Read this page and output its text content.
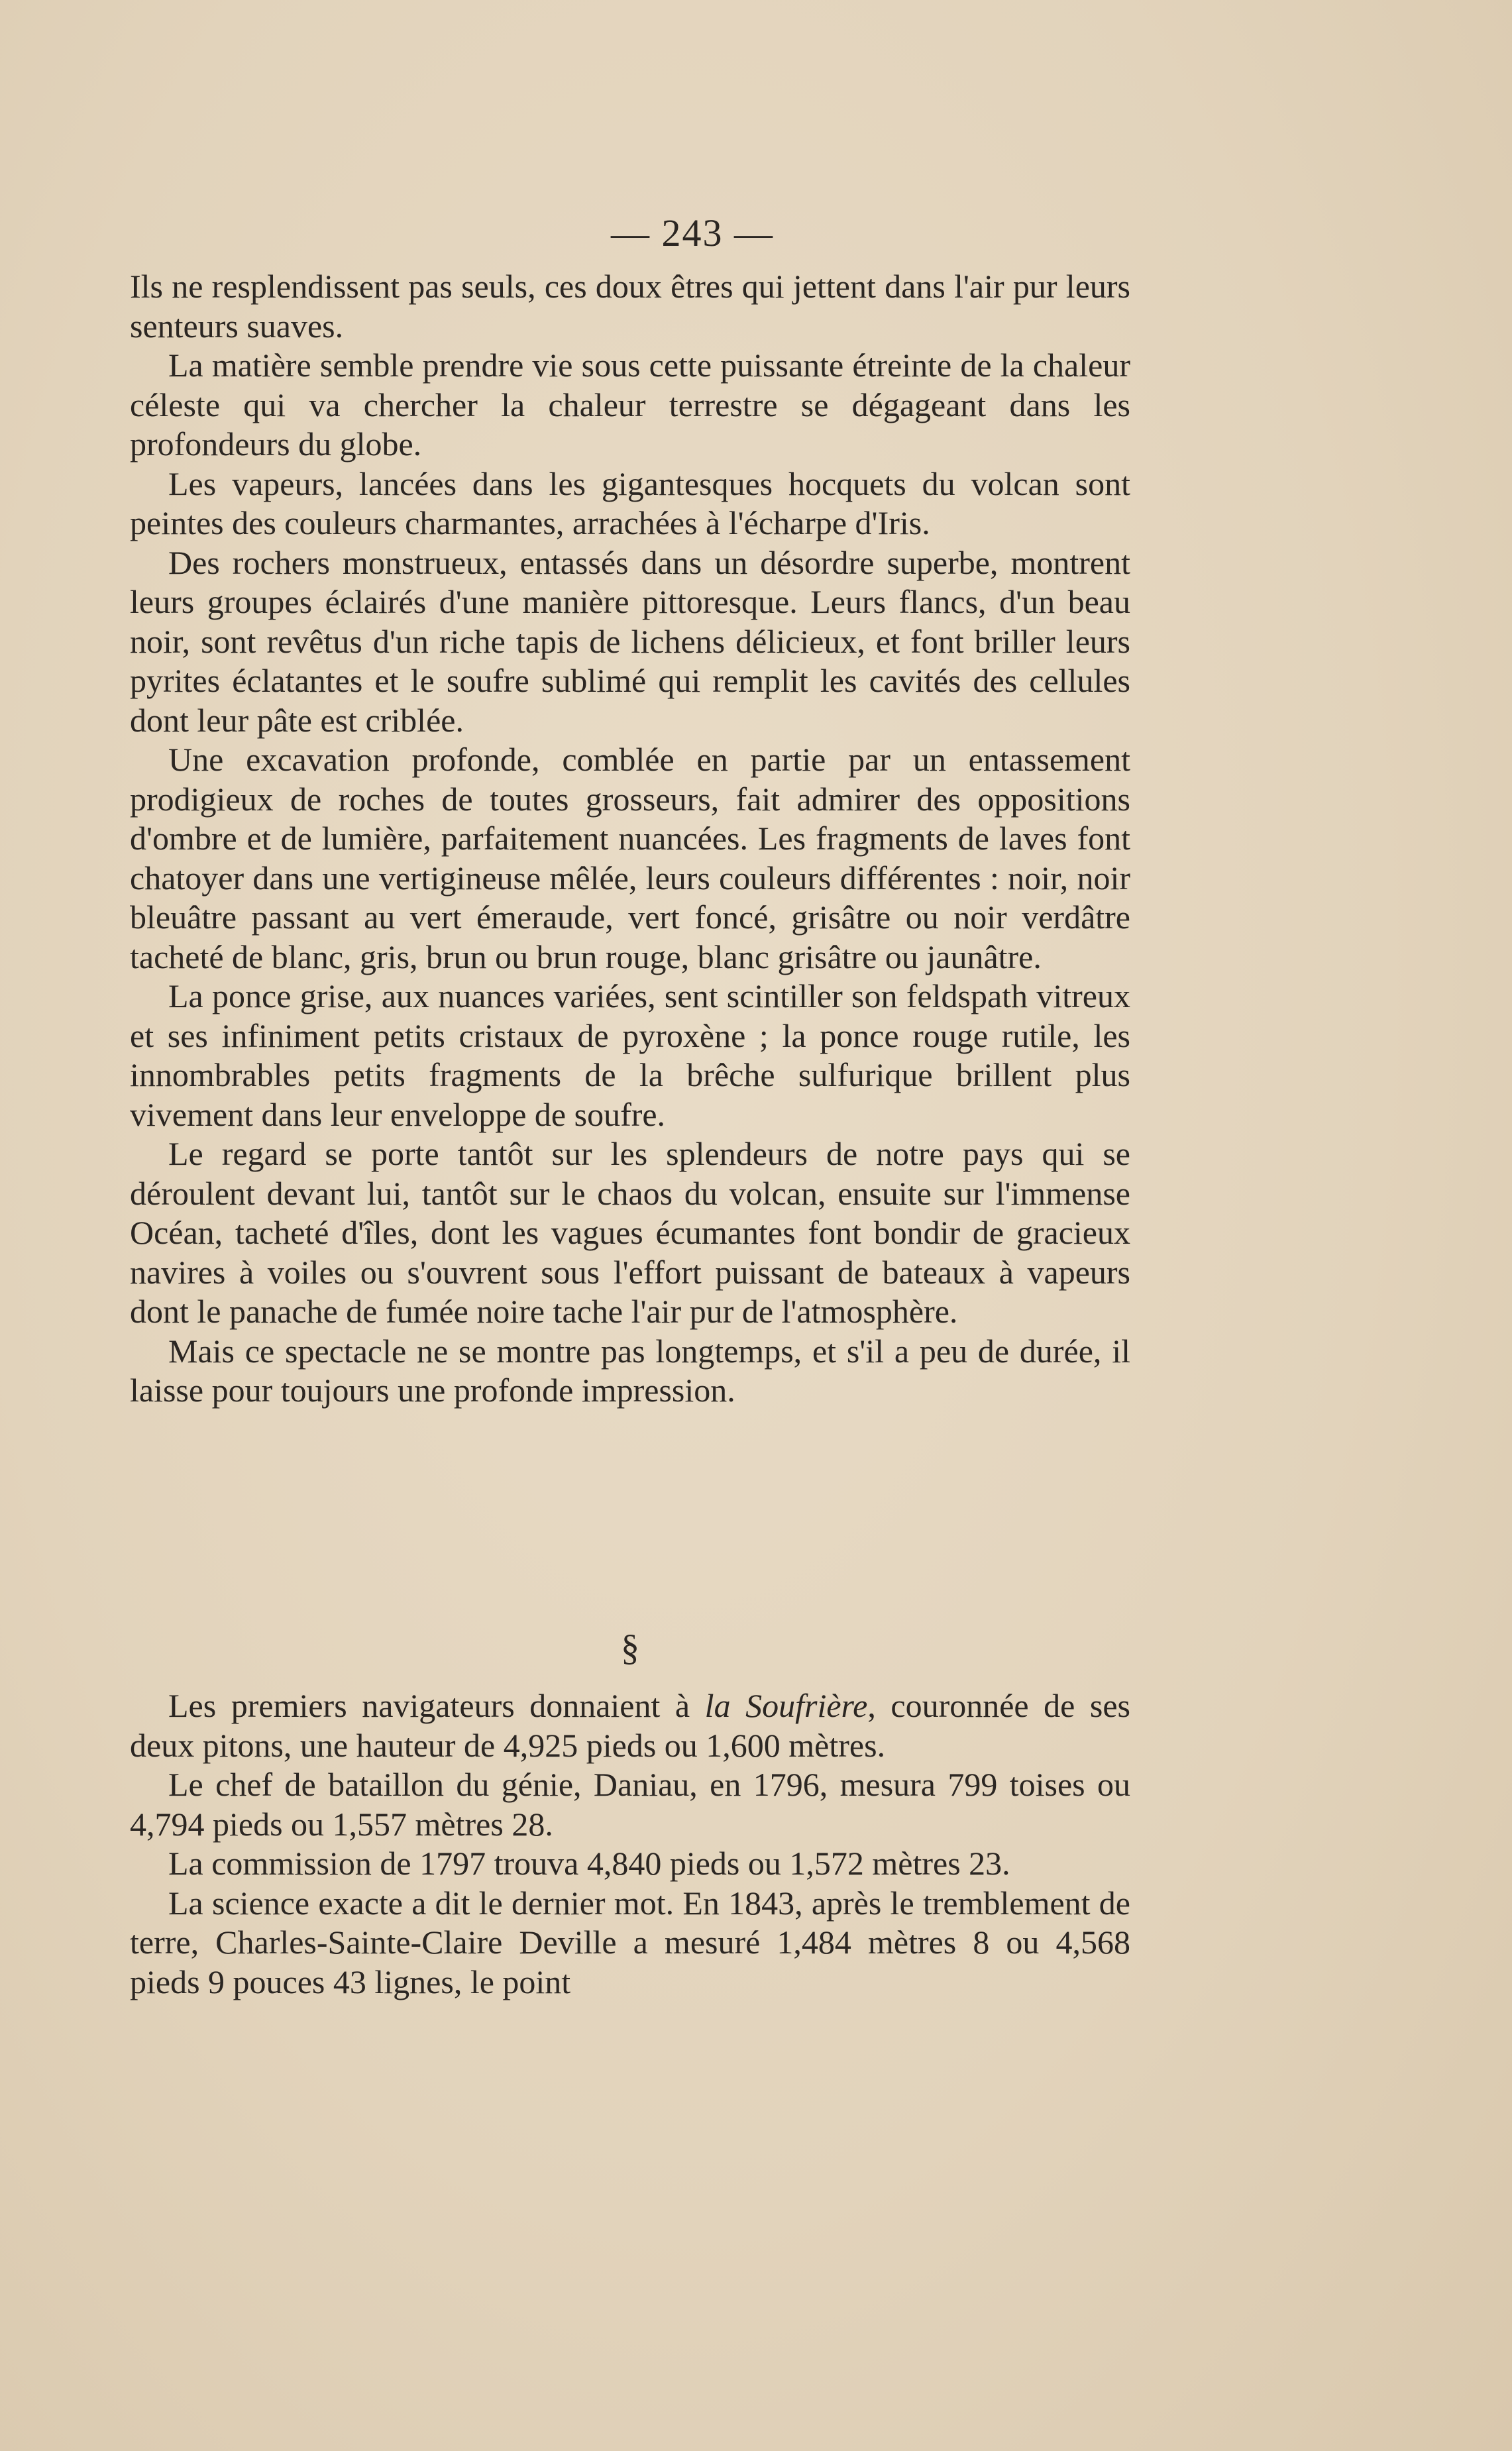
— 243 —

Ils ne resplendissent pas seuls, ces doux êtres qui jettent dans l'air pur leurs senteurs suaves.

La matière semble prendre vie sous cette puissante étreinte de la chaleur céleste qui va chercher la chaleur terrestre se dégageant dans les profondeurs du globe.

Les vapeurs, lancées dans les gigantesques hocquets du volcan sont peintes des couleurs charmantes, arrachées à l'écharpe d'Iris.

Des rochers monstrueux, entassés dans un désordre superbe, montrent leurs groupes éclairés d'une manière pittoresque. Leurs flancs, d'un beau noir, sont revêtus d'un riche tapis de lichens délicieux, et font briller leurs pyrites éclatantes et le soufre sublimé qui remplit les cavités des cellules dont leur pâte est criblée.

Une excavation profonde, comblée en partie par un entassement prodigieux de roches de toutes grosseurs, fait admirer des oppositions d'ombre et de lumière, parfaitement nuancées. Les fragments de laves font chatoyer dans une vertigineuse mêlée, leurs couleurs différentes : noir, noir bleuâtre passant au vert émeraude, vert foncé, grisâtre ou noir verdâtre tacheté de blanc, gris, brun ou brun rouge, blanc grisâtre ou jaunâtre.

La ponce grise, aux nuances variées, sent scintiller son feldspath vitreux et ses infiniment petits cristaux de pyroxène ; la ponce rouge rutile, les innombrables petits fragments de la brêche sulfurique brillent plus vivement dans leur enveloppe de soufre.

Le regard se porte tantôt sur les splendeurs de notre pays qui se déroulent devant lui, tantôt sur le chaos du volcan, ensuite sur l'immense Océan, tacheté d'îles, dont les vagues écumantes font bondir de gracieux navires à voiles ou s'ouvrent sous l'effort puissant de bateaux à vapeurs dont le panache de fumée noire tache l'air pur de l'atmosphère.

Mais ce spectacle ne se montre pas longtemps, et s'il a peu de durée, il laisse pour toujours une profonde impression.

§

Les premiers navigateurs donnaient à la Soufrière, couronnée de ses deux pitons, une hauteur de 4,925 pieds ou 1,600 mètres.

Le chef de bataillon du génie, Daniau, en 1796, mesura 799 toises ou 4,794 pieds ou 1,557 mètres 28.

La commission de 1797 trouva 4,840 pieds ou 1,572 mètres 23.

La science exacte a dit le dernier mot. En 1843, après le tremblement de terre, Charles-Sainte-Claire Deville a mesuré 1,484 mètres 8 ou 4,568 pieds 9 pouces 43 lignes, le point
